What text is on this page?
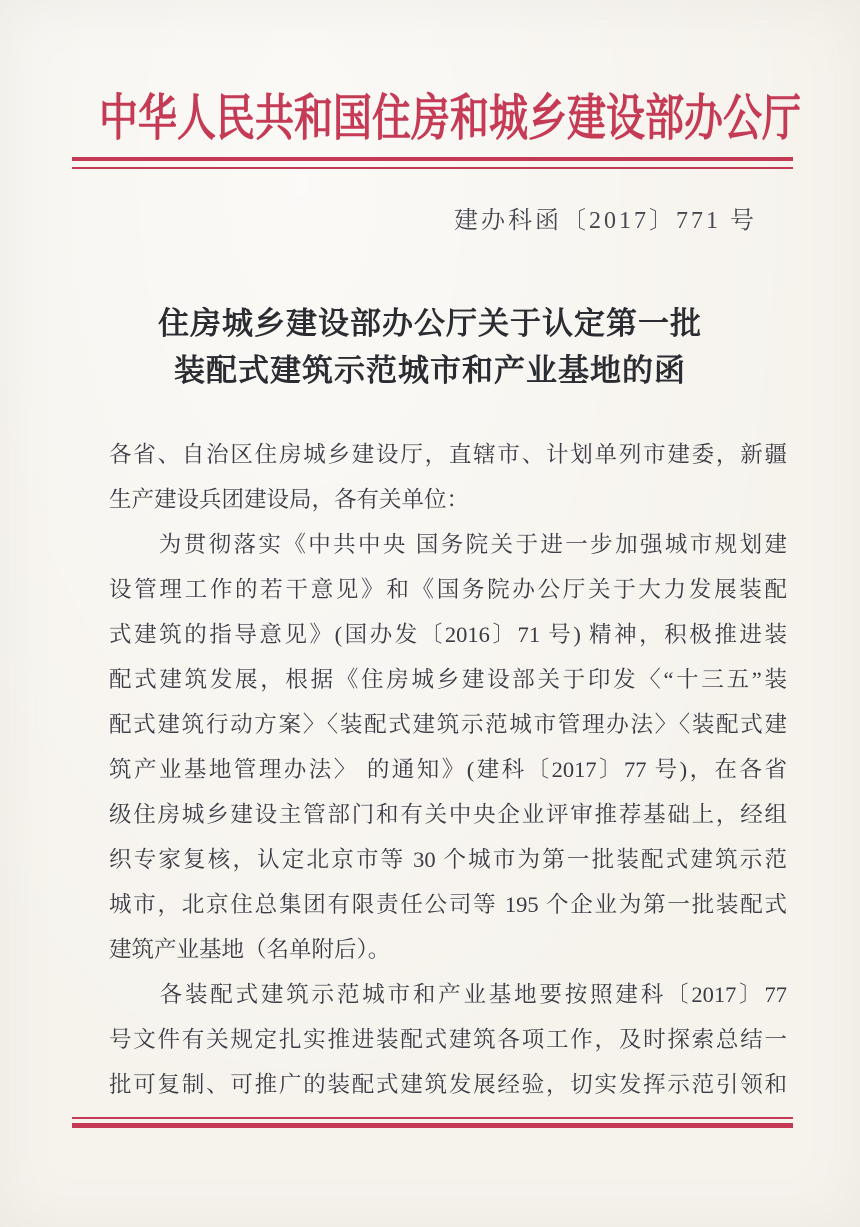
中华人民共和国住房和城乡建设部办公厅
建办科函〔2017〕771 号
住房城乡建设部办公厅关于认定第一批
装配式建筑示范城市和产业基地的函
各省、自治区住房城乡建设厅，直辖市、计划单列市建委，新疆
生产建设兵团建设局，各有关单位：
　　为贯彻落实《中共中央 国务院关于进一步加强城市规划建
设管理工作的若干意见》和《国务院办公厅关于大力发展装配
式建筑的指导意见》(国办发〔2016〕71 号) 精神，积极推进装
配式建筑发展，根据《住房城乡建设部关于印发〈“十三五”装
配式建筑行动方案〉〈装配式建筑示范城市管理办法〉〈装配式建
筑产业基地管理办法〉 的通知》(建科〔2017〕77 号)，在各省
级住房城乡建设主管部门和有关中央企业评审推荐基础上，经组
织专家复核，认定北京市等 30 个城市为第一批装配式建筑示范
城市，北京住总集团有限责任公司等 195 个企业为第一批装配式
建筑产业基地（名单附后）。
　　各装配式建筑示范城市和产业基地要按照建科〔2017〕77
号文件有关规定扎实推进装配式建筑各项工作，及时探索总结一
批可复制、可推广的装配式建筑发展经验，切实发挥示范引领和
